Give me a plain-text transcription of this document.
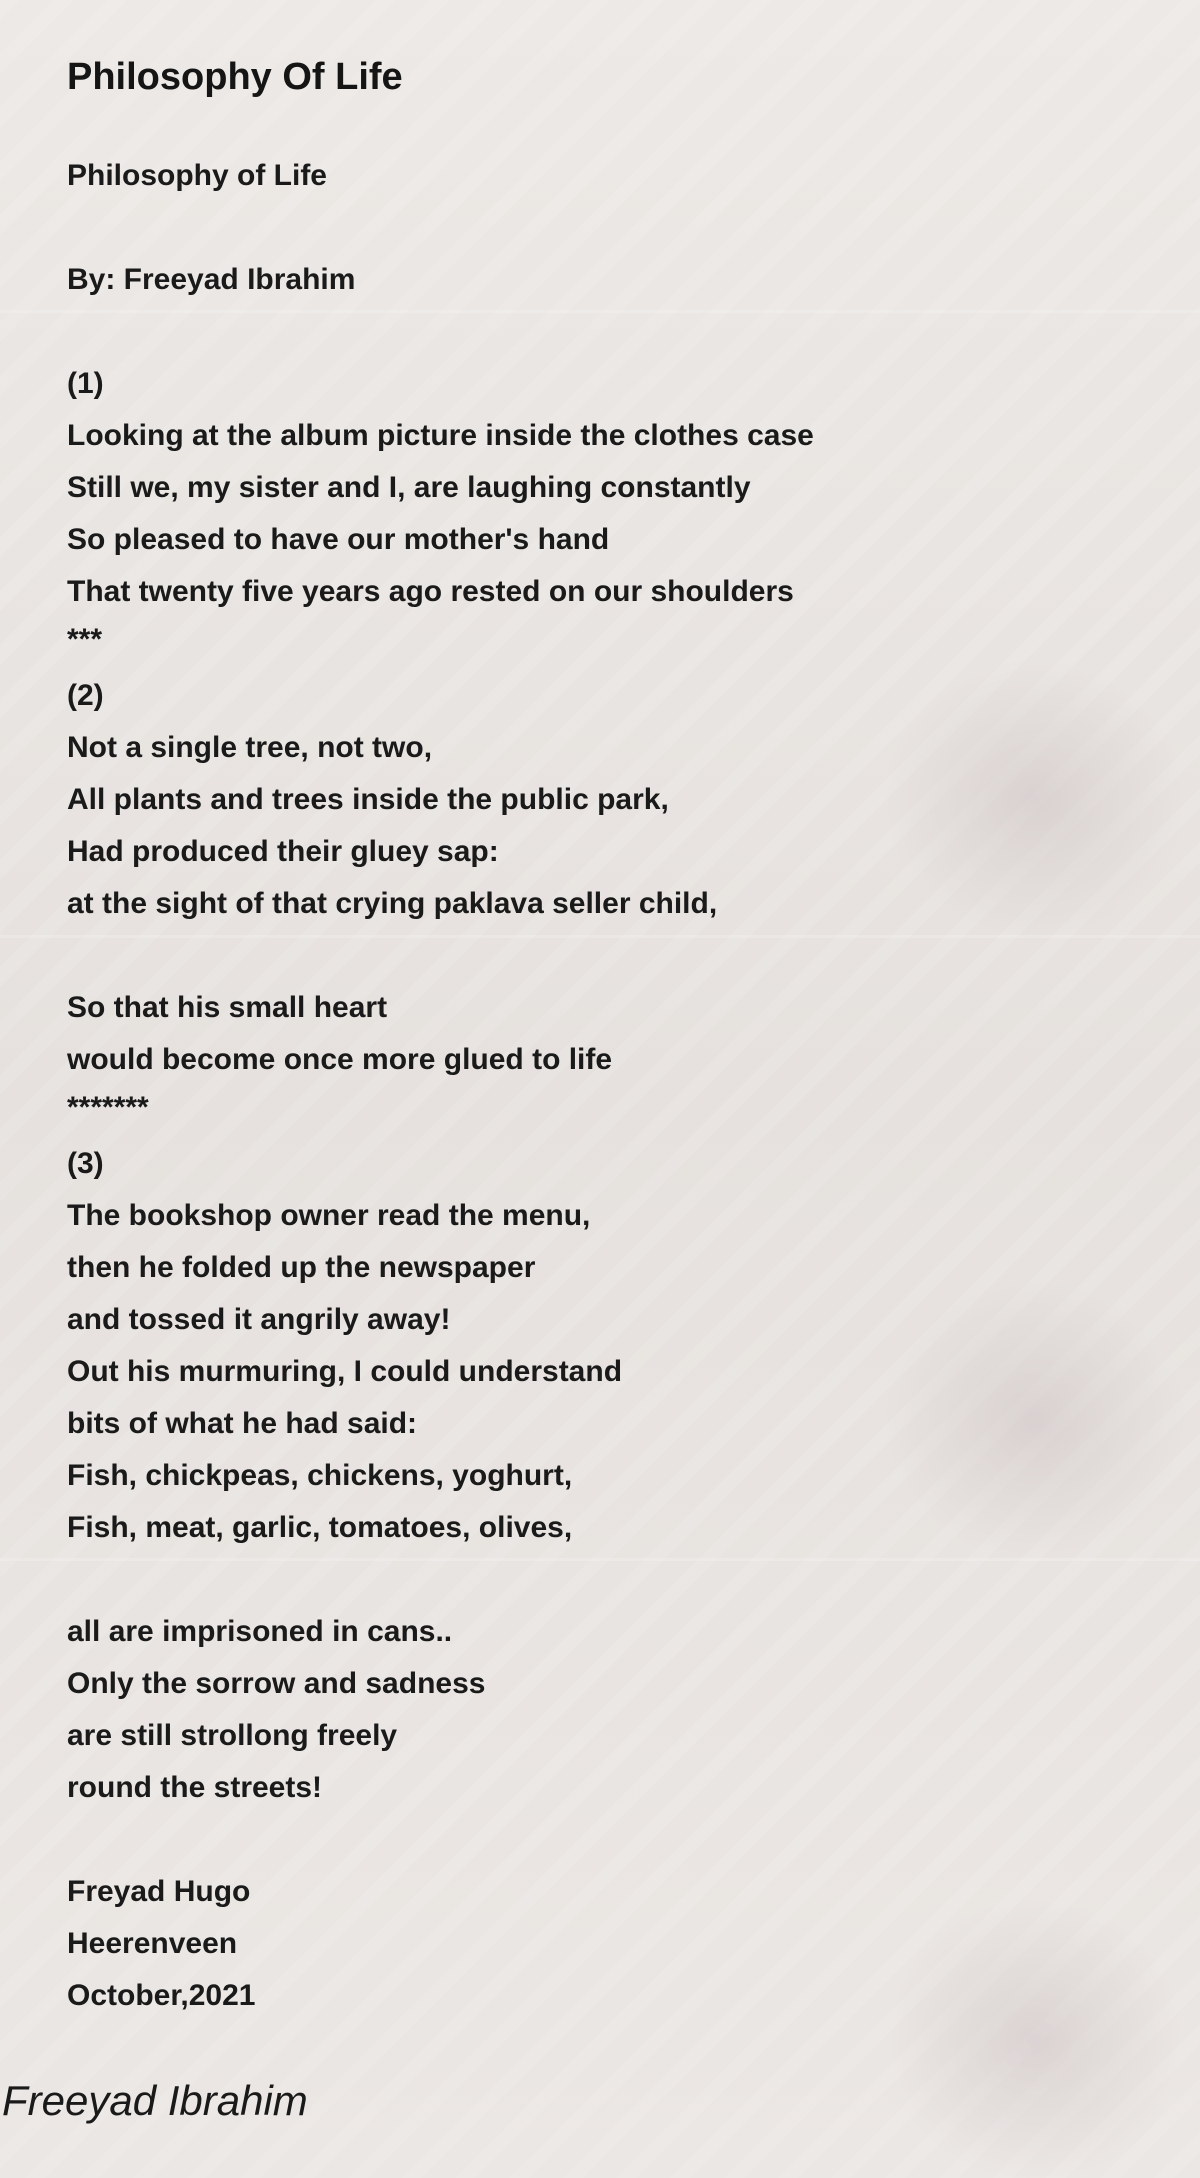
Philosophy Of Life
Philosophy of Life
By: Freeyad Ibrahim
(1)
Looking at the album picture inside the clothes case
Still we, my sister and I, are laughing constantly
So pleased to have our mother's hand
That twenty five years ago rested on our shoulders
***
(2)
Not a single tree, not two,
All plants and trees inside the public park,
Had produced their gluey sap:
at the sight of that crying paklava seller child,
So that his small heart
would become once more glued to life
*******
(3)
The bookshop owner read the menu,
then he folded up the newspaper
and tossed it angrily away!
Out his murmuring, I could understand
bits of what he had said:
Fish, chickpeas, chickens, yoghurt,
Fish, meat, garlic, tomatoes, olives,
all are imprisoned in cans..
Only the sorrow and sadness
are still strollong freely
round the streets!
Freyad Hugo
Heerenveen
October,2021
Freeyad Ibrahim
